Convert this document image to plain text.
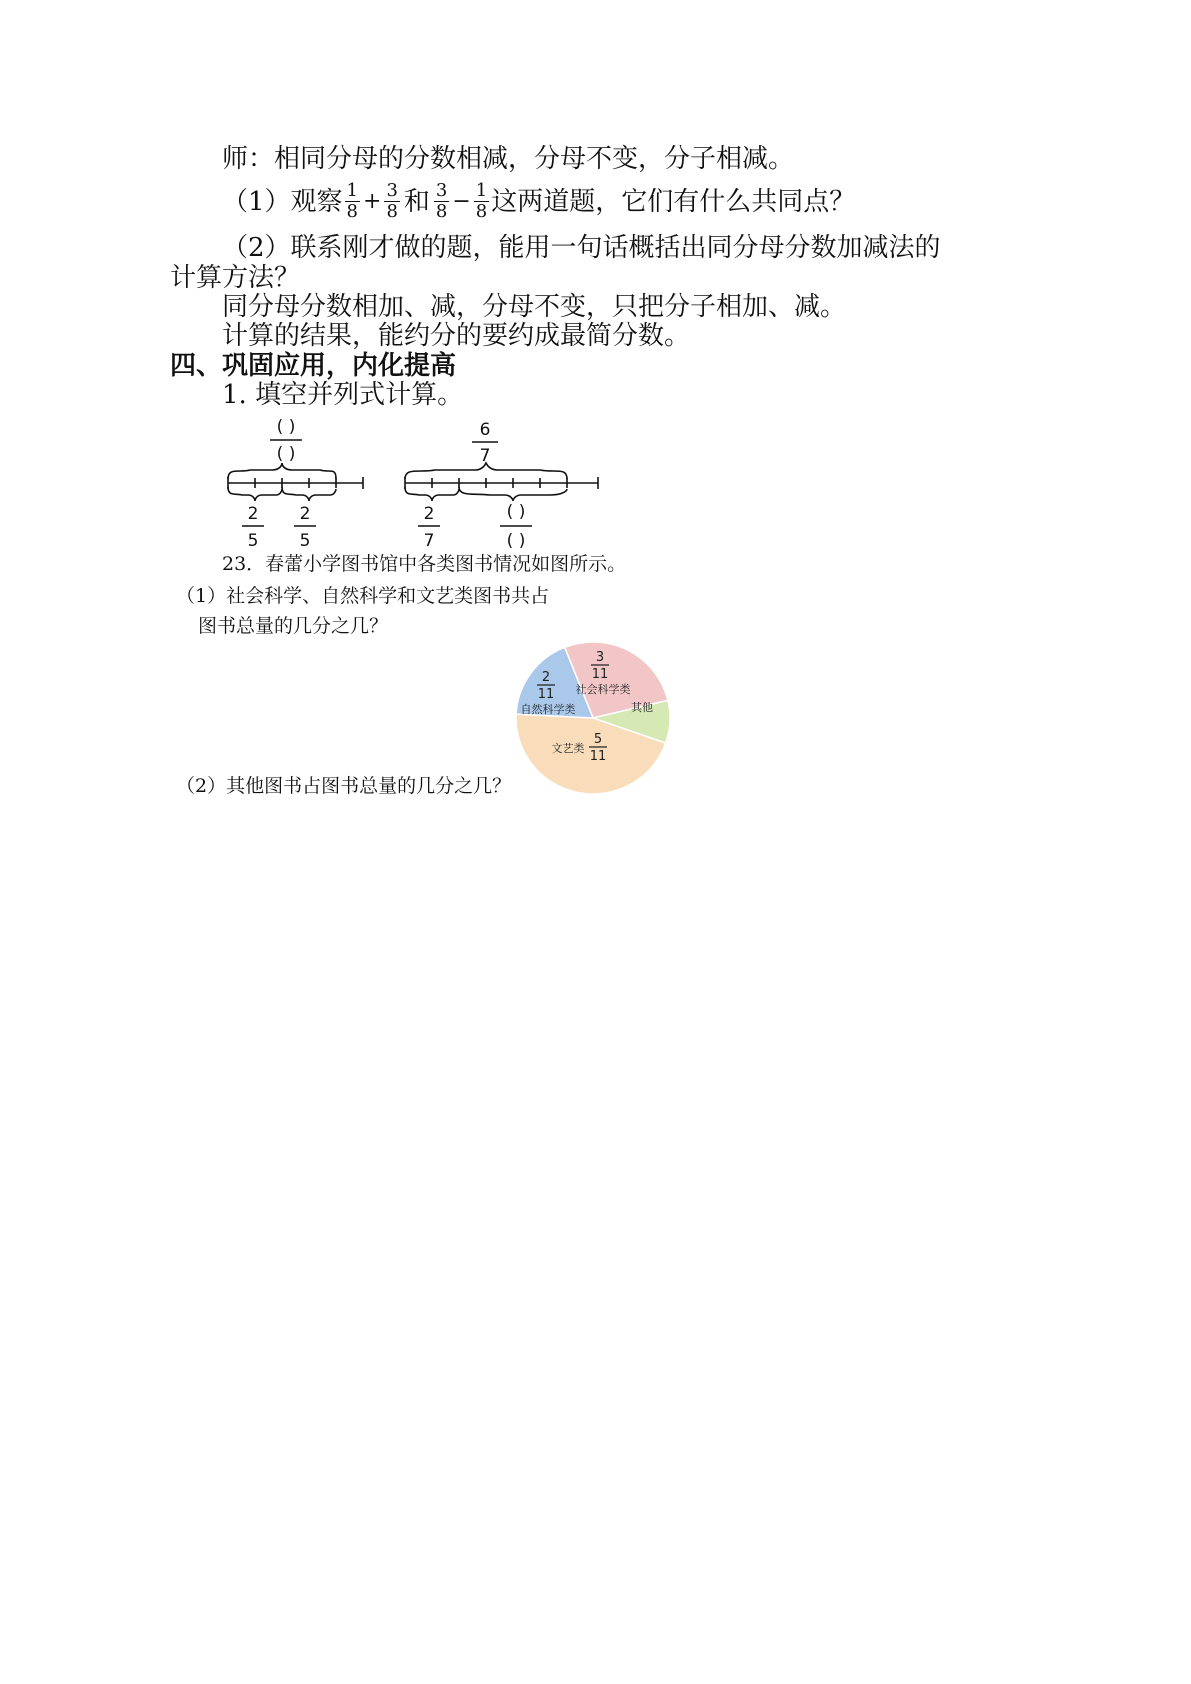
师：相同分母的分数相减，分母不变，分子相减。
（1）观察 $\frac{1}{8} + \frac{3}{8}$ 和 $\frac{3}{8} - \frac{1}{8}$ 这两道题，它们有什么共同点？
（2）联系刚才做的题，能用一句话概括出同分母分数加减法的
计算方法？
同分母分数相加、减，分母不变，只把分子相加、减。
计算的结果，能约分的要约成最简分数。
四、巩固应用，内化提高
1. 填空并列式计算。
( )
( )
2
5
2
5
6
7
2
7
( )
( )
23．春蕾小学图书馆中各类图书情况如图所示。
（1）社会科学、自然科学和文艺类图书共占
图书总量的几分之几？
（2）其他图书占图书总量的几分之几？
3
11
社会科学类
2
11
自然科学类	其他
文艺类
5
11
